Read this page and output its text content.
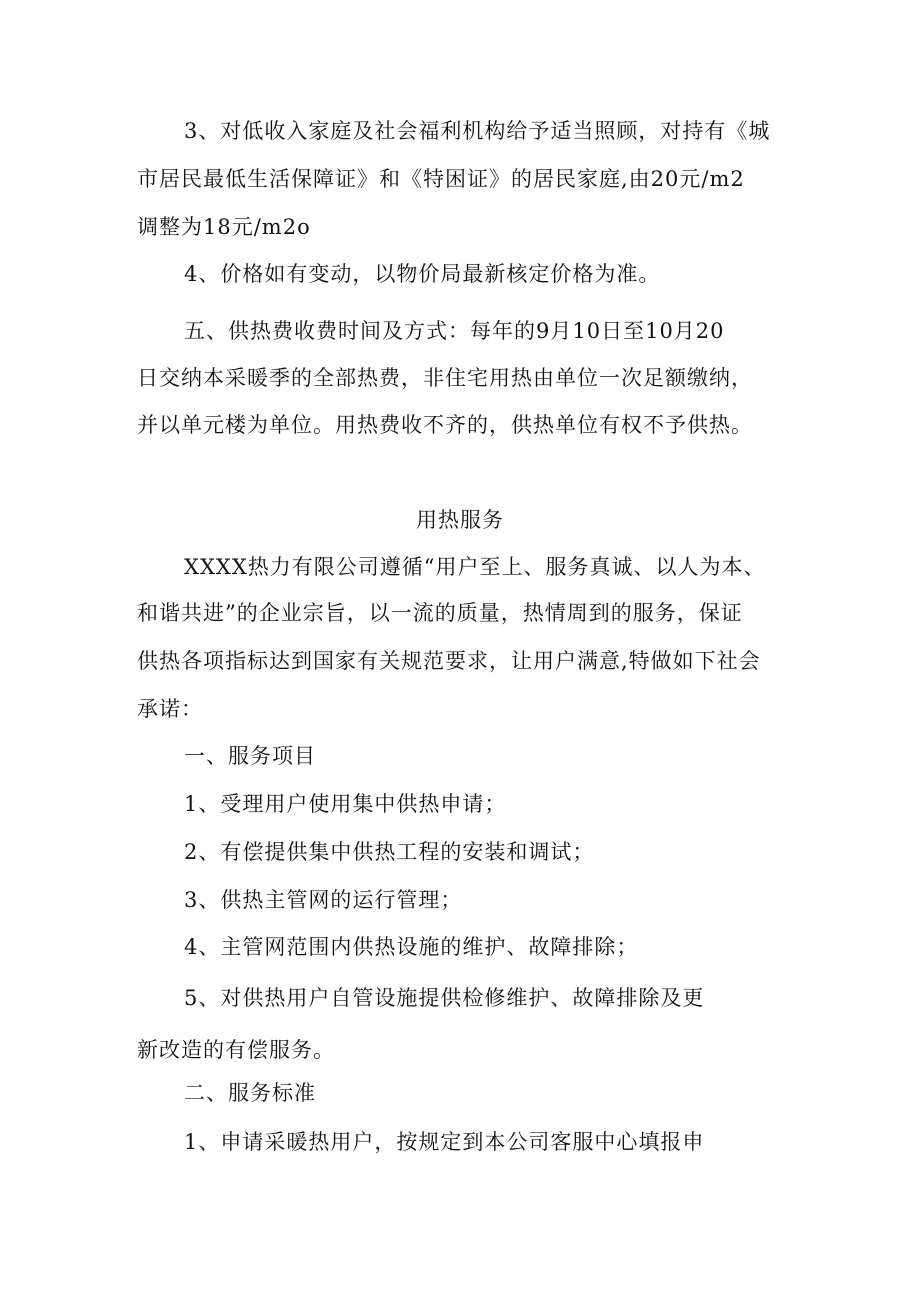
3、对低收入家庭及社会福利机构给予适当照顾，对持有《城
市居民最低生活保障证》和《特困证》的居民家庭,由20元/m2
调整为18元/m2o
4、价格如有变动，以物价局最新核定价格为准。
五、供热费收费时间及方式：每年的9月10日至10月20
日交纳本采暖季的全部热费，非住宅用热由单位一次足额缴纳，
并以单元楼为单位。用热费收不齐的，供热单位有权不予供热。
用热服务
XXXX热力有限公司遵循“用户至上、服务真诚、以人为本、
和谐共进”的企业宗旨，以一流的质量，热情周到的服务，保证
供热各项指标达到国家有关规范要求，让用户满意,特做如下社会
承诺：
一、服务项目
1、受理用户使用集中供热申请；
2、有偿提供集中供热工程的安装和调试；
3、供热主管网的运行管理；
4、主管网范围内供热设施的维护、故障排除；
5、对供热用户自管设施提供检修维护、故障排除及更
新改造的有偿服务。
二、服务标准
1、申请采暖热用户，按规定到本公司客服中心填报申
